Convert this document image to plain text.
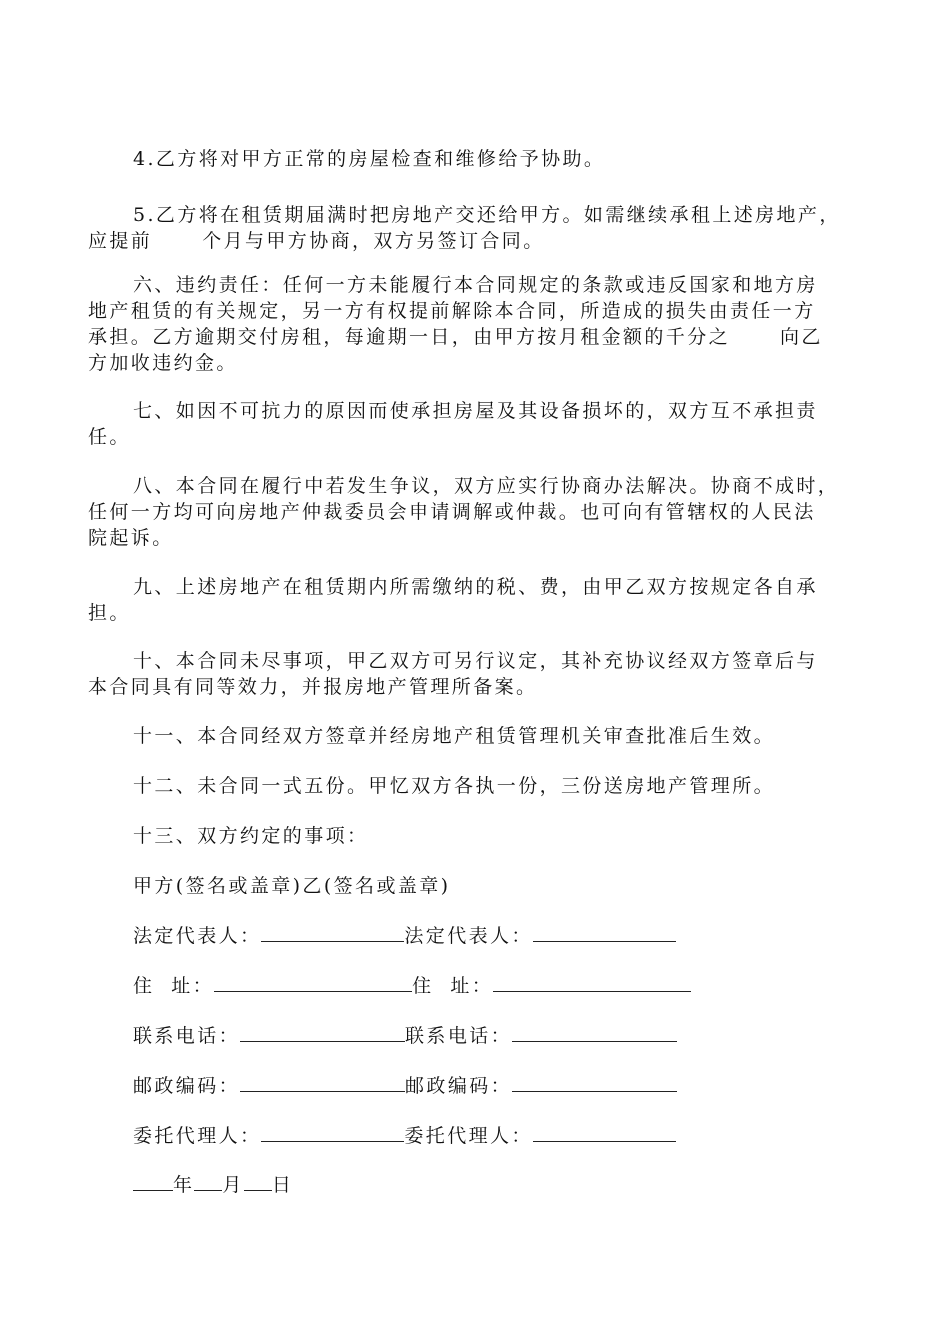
4.乙方将对甲方正常的房屋检查和维修给予协助。

5.乙方将在租赁期届满时把房地产交还给甲方。如需继续承租上述房地产，
应提前	个月与甲方协商，双方另签订合同。

六、违约责任：任何一方未能履行本合同规定的条款或违反国家和地方房
地产租赁的有关规定，另一方有权提前解除本合同，所造成的损失由责任一方
承担。乙方逾期交付房租，每逾期一日，由甲方按月租金额的千分之	向乙
方加收违约金。

七、如因不可抗力的原因而使承担房屋及其设备损坏的，双方互不承担责
任。

八、本合同在履行中若发生争议，双方应实行协商办法解决。协商不成时，
任何一方均可向房地产仲裁委员会申请调解或仲裁。也可向有管辖权的人民法
院起诉。

九、上述房地产在租赁期内所需缴纳的税、费，由甲乙双方按规定各自承
担。

十、本合同未尽事项，甲乙双方可另行议定，其补充协议经双方签章后与
本合同具有同等效力，并报房地产管理所备案。

十一、本合同经双方签章并经房地产租赁管理机关审查批准后生效。

十二、未合同一式五份。甲忆双方各执一份，三份送房地产管理所。

十三、双方约定的事项：

甲方(签名或盖章)乙(签名或盖章)
法定代表人：	法定代表人：
住  址：	住  址：
联系电话：	联系电话：
邮政编码：	邮政编码：
委托代理人：	委托代理人：
年 月 日
